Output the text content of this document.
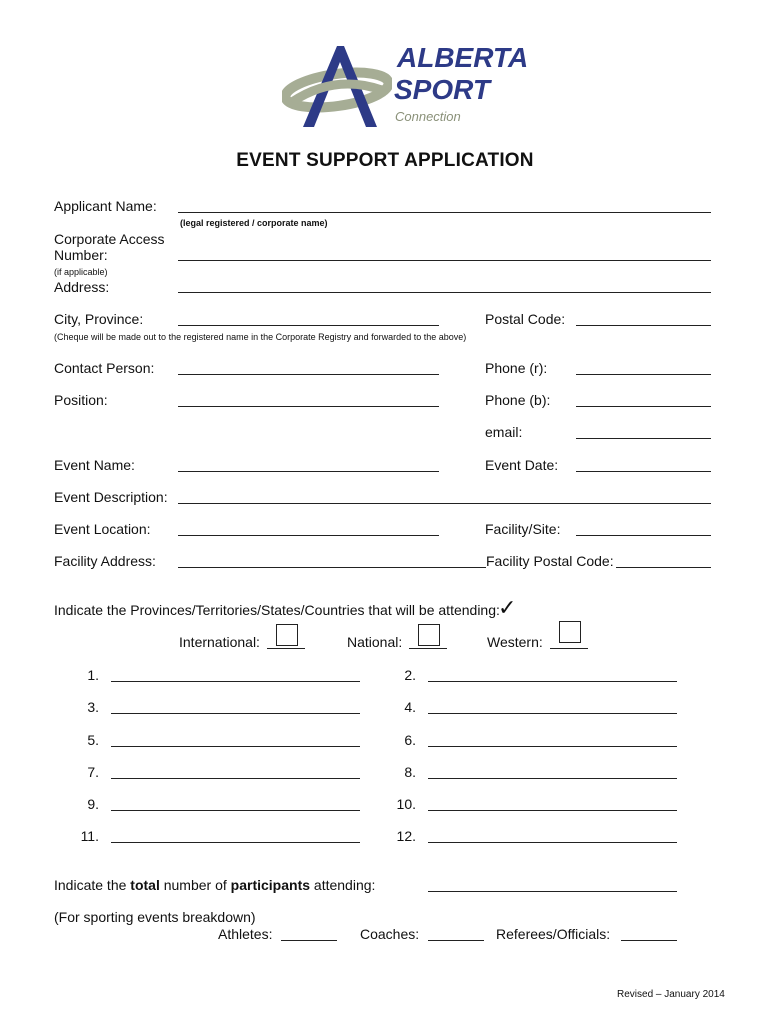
ALBERTA
SPORT
Connection
EVENT SUPPORT APPLICATION
Applicant Name:
(legal registered / corporate name)
Corporate Access
Number:
(if applicable)
Address:
City, Province:	Postal Code:
(Cheque will be made out to the registered name in the Corporate Registry and forwarded to the above)
Contact Person:	Phone (r):
Position:	Phone (b):
email:
Event Name:	Event Date:
Event Description:
Event Location:	Facility/Site:
Facility Address:	Facility Postal Code:
Indicate the Provinces/Territories/States/Countries that will be attending:
✓
International:	National:	Western:
1.	2.
3.	4.
5.	6.
7.	8.
9.	10.
11.	12.
Indicate the total number of participants attending:
(For sporting events breakdown)
Athletes:	Coaches:	Referees/Officials:
Revised – January 2014
